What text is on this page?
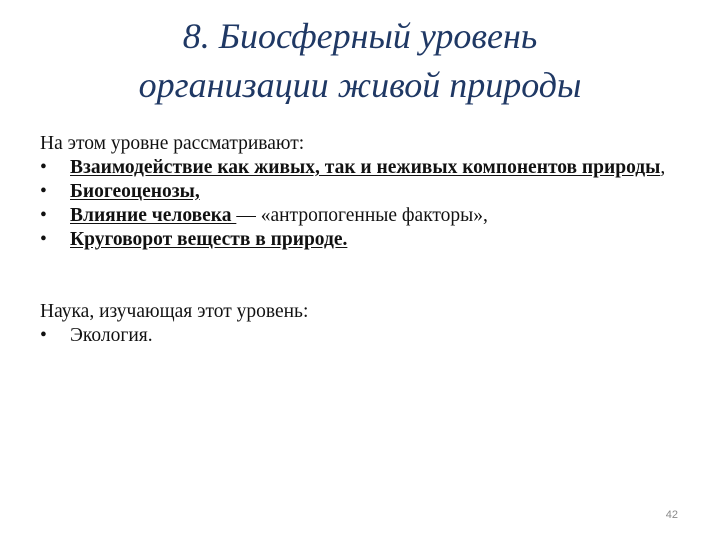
8. Биосферный уровень
организации живой природы
На этом уровне рассматривают:
•	Взаимодействие как живых, так и неживых компонентов природы,
•	Биогеоценозы,
•	Влияние человека — «антропогенные факторы»,
•	Круговорот веществ в природе.
Наука, изучающая этот уровень:
•	Экология.
42
